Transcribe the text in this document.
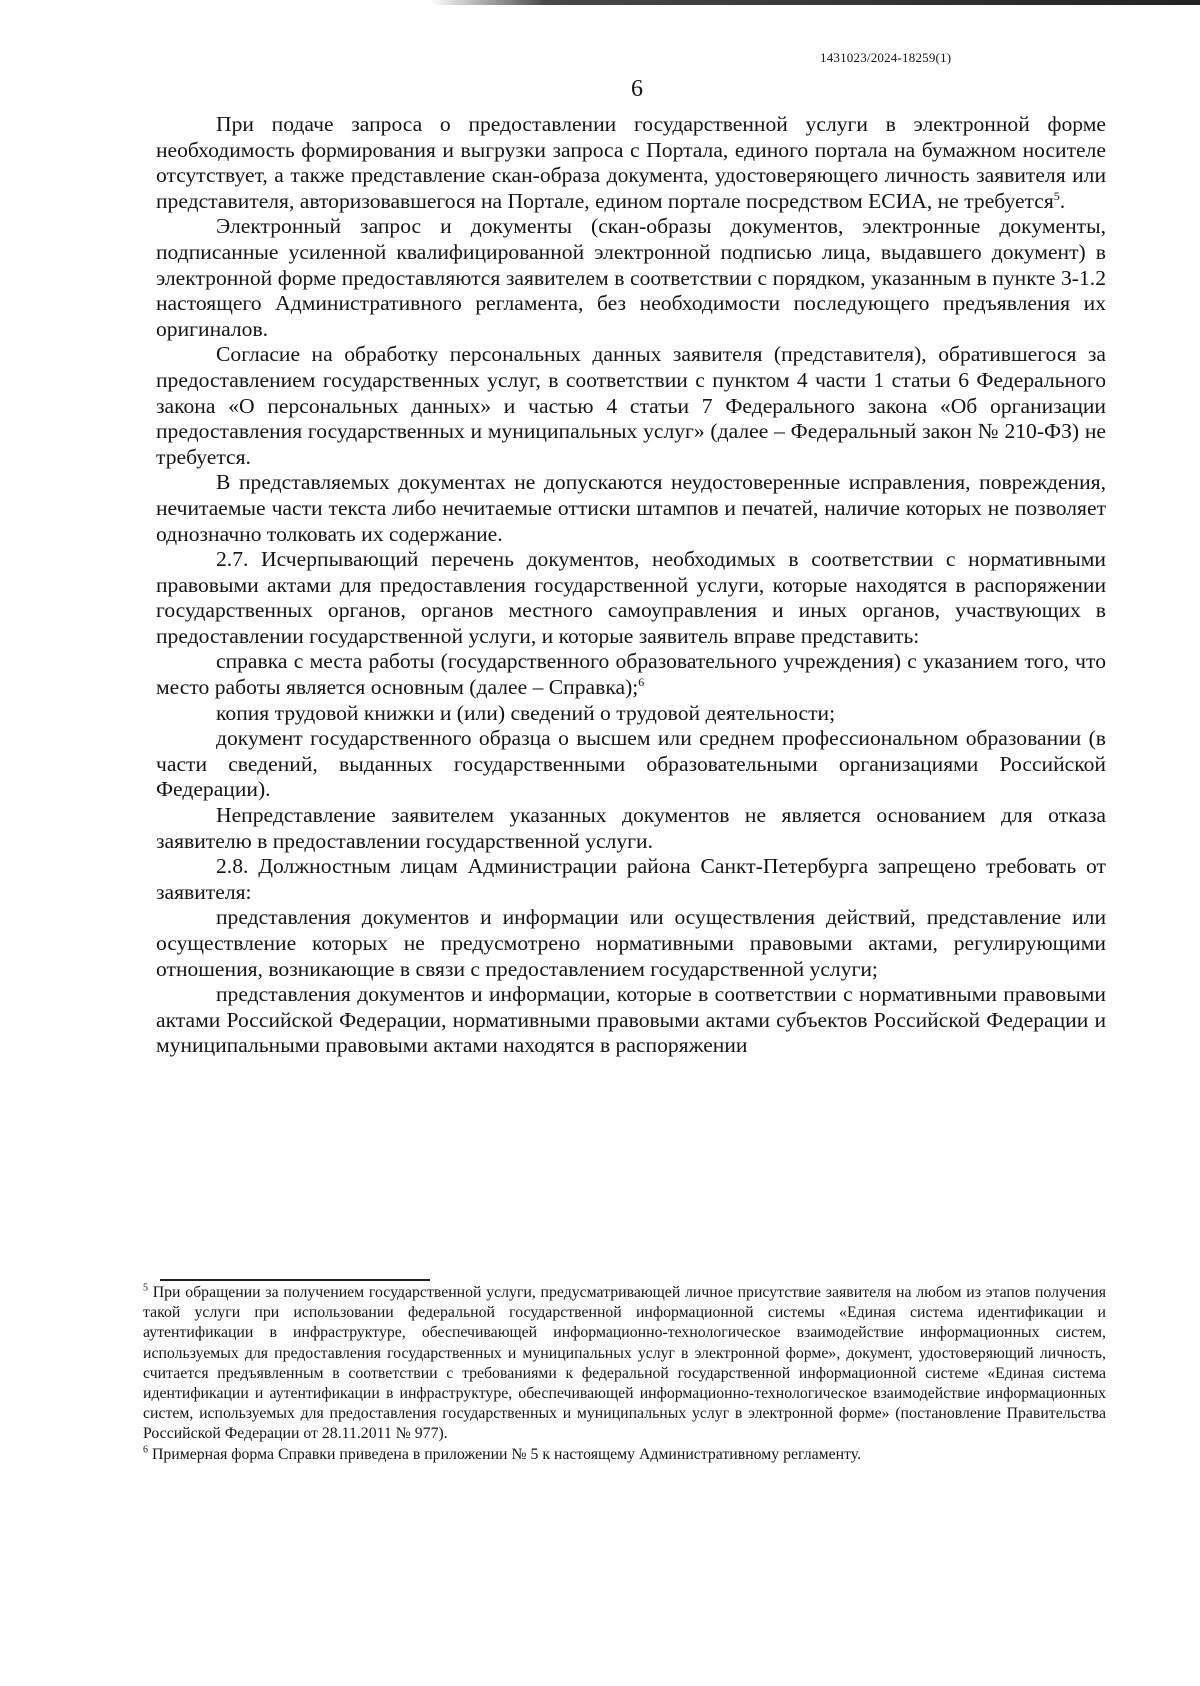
1431023/2024-18259(1)
6

При подаче запроса о предоставлении государственной услуги в электронной форме необходимость формирования и выгрузки запроса с Портала, единого портала на бумажном носителе отсутствует, а также представление скан-образа документа, удостоверяющего личность заявителя или представителя, авторизовавшегося на Портале, едином портале посредством ЕСИА, не требуется$^5$.

Электронный запрос и документы (скан-образы документов, электронные документы, подписанные усиленной квалифицированной электронной подписью лица, выдавшего документ) в электронной форме предоставляются заявителем в соответствии с порядком, указанным в пункте 3-1.2 настоящего Административного регламента, без необходимости последующего предъявления их оригиналов.

Согласие на обработку персональных данных заявителя (представителя), обратившегося за предоставлением государственных услуг, в соответствии с пунктом 4 части 1 статьи 6 Федерального закона «О персональных данных» и частью 4 статьи 7 Федерального закона «Об организации предоставления государственных и муниципальных услуг» (далее – Федеральный закон № 210-ФЗ) не требуется.

В представляемых документах не допускаются неудостоверенные исправления, повреждения, нечитаемые части текста либо нечитаемые оттиски штампов и печатей, наличие которых не позволяет однозначно толковать их содержание.

2.7. Исчерпывающий перечень документов, необходимых в соответствии с нормативными правовыми актами для предоставления государственной услуги, которые находятся в распоряжении государственных органов, органов местного самоуправления и иных органов, участвующих в предоставлении государственной услуги, и которые заявитель вправе представить:

справка с места работы (государственного образовательного учреждения) с указанием того, что место работы является основным (далее – Справка);$^6$

копия трудовой книжки и (или) сведений о трудовой деятельности;

документ государственного образца о высшем или среднем профессиональном образовании (в части сведений, выданных государственными образовательными организациями Российской Федерации).

Непредставление заявителем указанных документов не является основанием для отказа заявителю в предоставлении государственной услуги.

2.8. Должностным лицам Администрации района Санкт-Петербурга запрещено требовать от заявителя:

представления документов и информации или осуществления действий, представление или осуществление которых не предусмотрено нормативными правовыми актами, регулирующими отношения, возникающие в связи с предоставлением государственной услуги;

представления документов и информации, которые в соответствии с нормативными правовыми актами Российской Федерации, нормативными правовыми актами субъектов Российской Федерации и муниципальными правовыми актами находятся в распоряжении

$^5$ При обращении за получением государственной услуги, предусматривающей личное присутствие заявителя на любом из этапов получения такой услуги при использовании федеральной государственной информационной системы «Единая система идентификации и аутентификации в инфраструктуре, обеспечивающей информационно-технологическое взаимодействие информационных систем, используемых для предоставления государственных и муниципальных услуг в электронной форме», документ, удостоверяющий личность, считается предъявленным в соответствии с требованиями к федеральной государственной информационной системе «Единая система идентификации и аутентификации в инфраструктуре, обеспечивающей информационно-технологическое взаимодействие информационных систем, используемых для предоставления государственных и муниципальных услуг в электронной форме» (постановление Правительства Российской Федерации от 28.11.2011 № 977).

$^6$ Примерная форма Справки приведена в приложении № 5 к настоящему Административному регламенту.
